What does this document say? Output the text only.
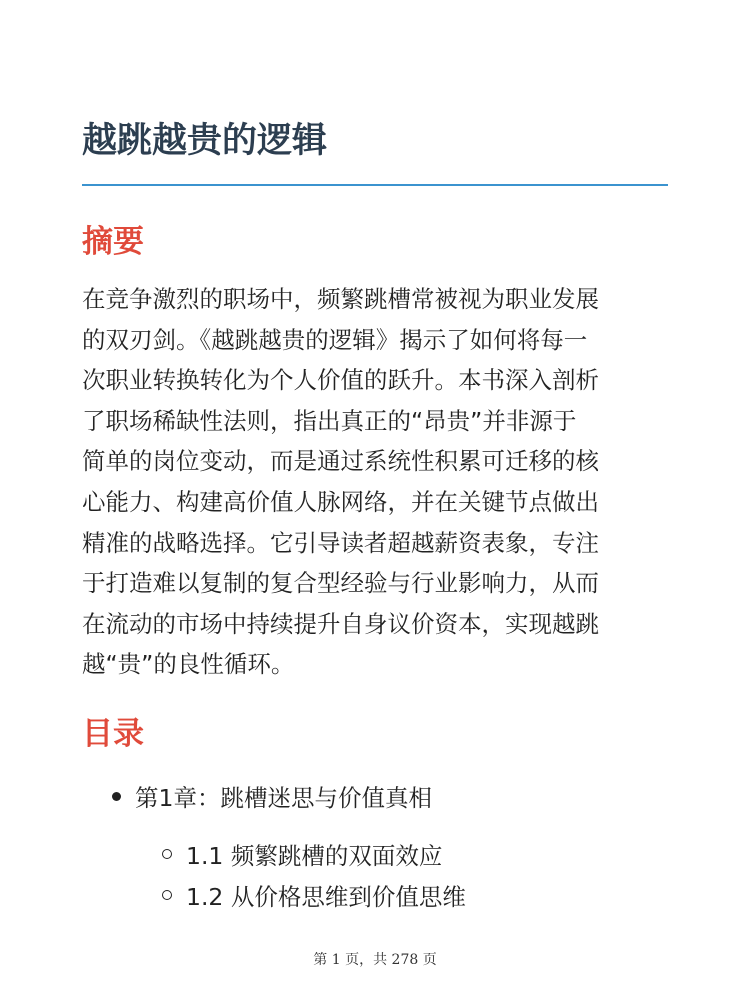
越跳越贵的逻辑
摘要

在竞争激烈的职场中，频繁跳槽常被视为职业发展
的双刃剑。《越跳越贵的逻辑》揭示了如何将每一
次职业转换转化为个人价值的跃升。本书深入剖析
了职场稀缺性法则，指出真正的“昂贵”并非源于
简单的岗位变动，而是通过系统性积累可迁移的核
心能力、构建高价值人脉网络，并在关键节点做出
精准的战略选择。它引导读者超越薪资表象，专注
于打造难以复制的复合型经验与行业影响力，从而
在流动的市场中持续提升自身议价资本，实现越跳
越“贵”的良性循环。

目录
第1章：跳槽迷思与价值真相
1.1 频繁跳槽的双面效应
1.2 从价格思维到价值思维
第 1 页，共 278 页
